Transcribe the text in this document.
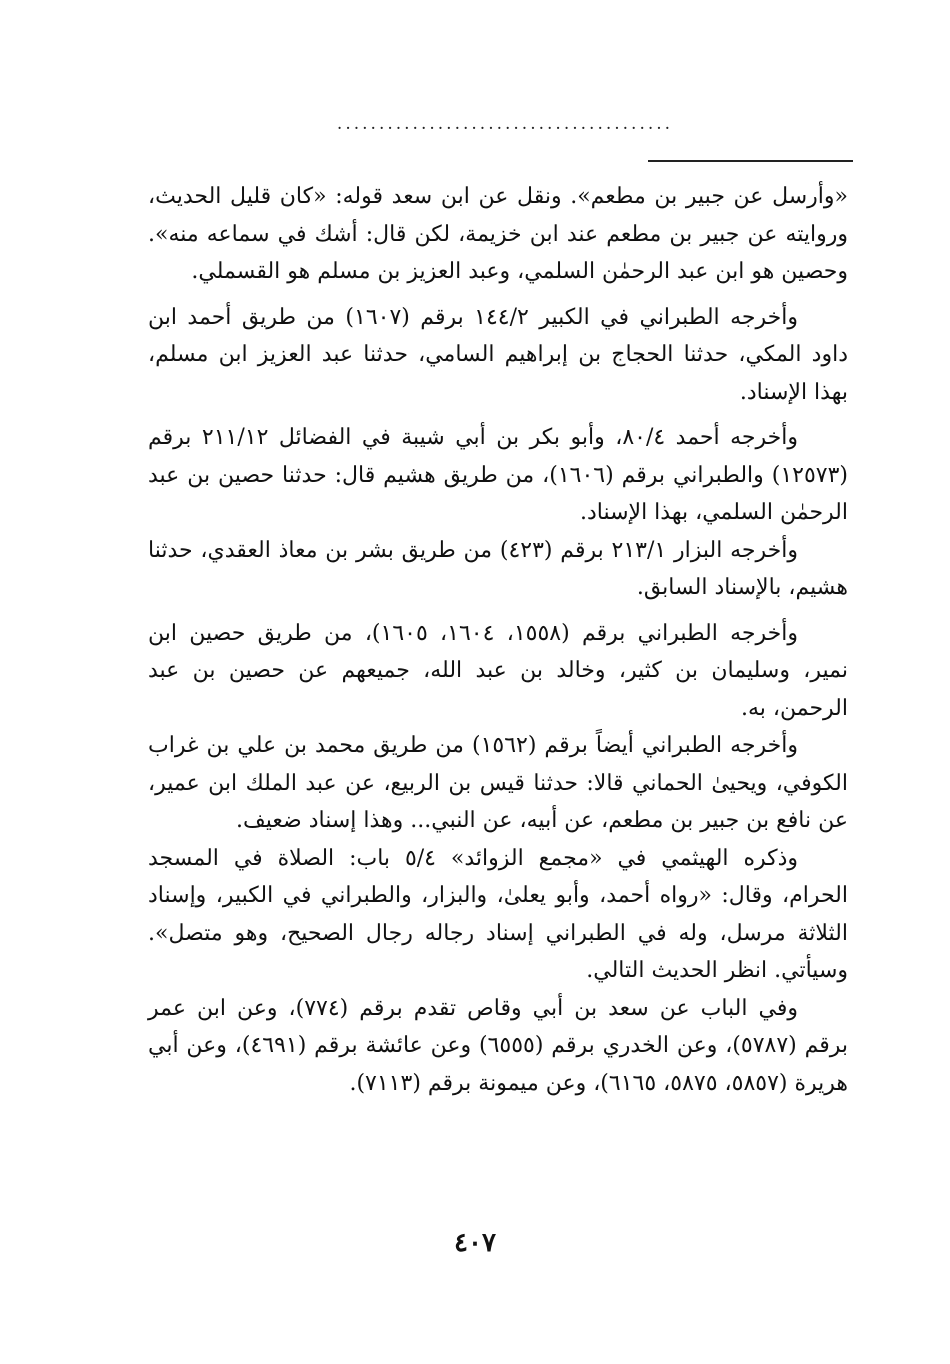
........................................

«وأرسل عن جبير بن مطعم». ونقل عن ابن سعد قوله: «كان قليل الحديث، وروايته عن جبير بن مطعم عند ابن خزيمة، لكن قال: أشك في سماعه منه». وحصين هو ابن عبد الرحمٰن السلمي، وعبد العزيز بن مسلم هو القسملي.

وأخرجه الطبراني في الكبير ١٤٤/٢ برقم (١٦٠٧) من طريق أحمد ابن داود المكي، حدثنا الحجاج بن إبراهيم السامي، حدثنا عبد العزيز ابن مسلم، بهذا الإسناد.

وأخرجه أحمد ٨٠/٤، وأبو بكر بن أبي شيبة في الفضائل ٢١١/١٢ برقم (١٢٥٧٣) والطبراني برقم (١٦٠٦)، من طريق هشيم قال: حدثنا حصين بن عبد الرحمٰن السلمي، بهذا الإسناد.

وأخرجه البزار ٢١٣/١ برقم (٤٢٣) من طريق بشر بن معاذ العقدي، حدثنا هشيم، بالإسناد السابق.

وأخرجه الطبراني برقم (١٥٥٨، ١٦٠٤، ١٦٠٥)، من طريق حصين ابن نمير، وسليمان بن كثير، وخالد بن عبد الله، جميعهم عن حصين بن عبد الرحمن، به.

وأخرجه الطبراني أيضاً برقم (١٥٦٢) من طريق محمد بن علي بن غراب الكوفي، ويحيىٰ الحماني قالا: حدثنا قيس بن الربيع، عن عبد الملك ابن عمير، عن نافع بن جبير بن مطعم، عن أبيه، عن النبي... وهذا إسناد ضعيف.

وذكره الهيثمي في «مجمع الزوائد» ٥/٤ باب: الصلاة في المسجد الحرام، وقال: «رواه أحمد، وأبو يعلىٰ، والبزار، والطبراني في الكبير، وإسناد الثلاثة مرسل، وله في الطبراني إسناد رجاله رجال الصحيح، وهو متصل». وسيأتي. انظر الحديث التالي.

وفي الباب عن سعد بن أبي وقاص تقدم برقم (٧٧٤)، وعن ابن عمر برقم (٥٧٨٧)، وعن الخدري برقم (٦٥٥٥) وعن عائشة برقم (٤٦٩١)، وعن أبي هريرة (٥٨٥٧، ٥٨٧٥، ٦١٦٥)، وعن ميمونة برقم (٧١١٣).

٤٠٧
